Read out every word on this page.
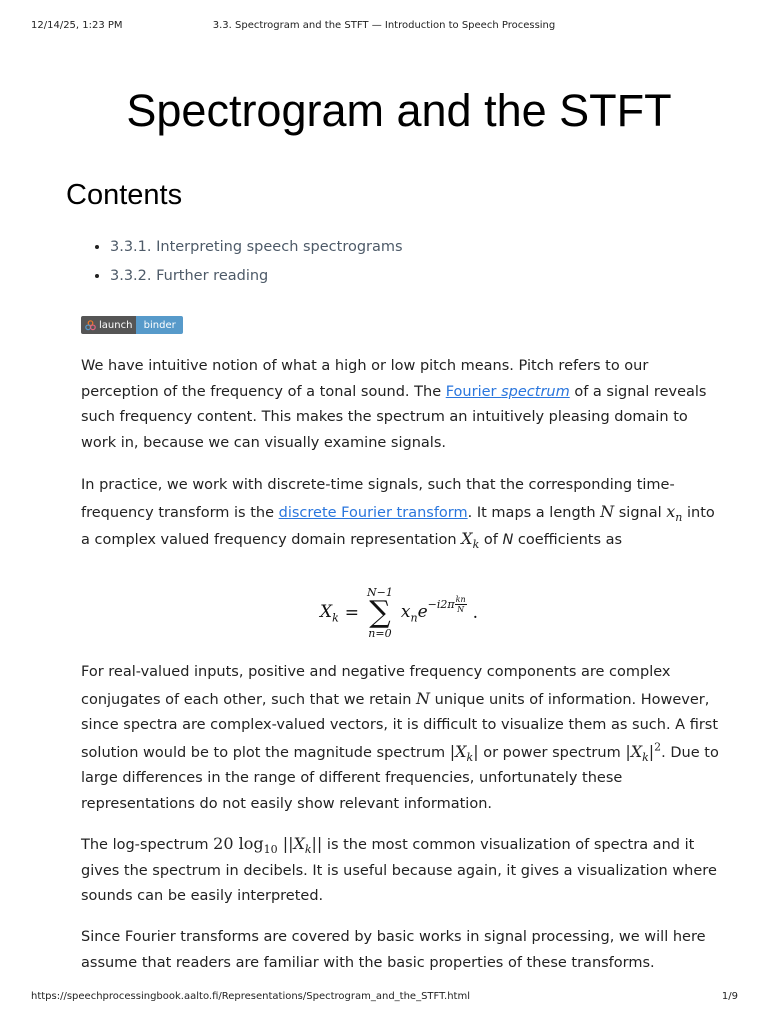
12/14/25, 1:23 PM	3.3. Spectrogram and the STFT — Introduction to Speech Processing
Spectrogram and the STFT
Contents
• 3.3.1. Interpreting speech spectrograms
• 3.3.2. Further reading
launch binder

We have intuitive notion of what a high or low pitch means. Pitch refers to our perception of the frequency of a tonal sound. The Fourier spectrum of a signal reveals such frequency content. This makes the spectrum an intuitively pleasing domain to work in, because we can visually examine signals.

In practice, we work with discrete-time signals, such that the corresponding time-frequency transform is the discrete Fourier transform. It maps a length N signal $x_n$ into a complex valued frequency domain representation $X_k$ of N coefficients as

$X_k$ =
N−1
∑
n=0
$x_ne^{-i2\pi \frac{kn}{N}}$ .

For real-valued inputs, positive and negative frequency components are complex conjugates of each other, such that we retain N unique units of information. However, since spectra are complex-valued vectors, it is difficult to visualize them as such. A first solution would be to plot the magnitude spectrum $|X_k|$ or power spectrum $|X_k|^2$. Due to large differences in the range of different frequencies, unfortunately these representations do not easily show relevant information.

The log-spectrum 20 $\log_{10} ||X_k||$ is the most common visualization of spectra and it gives the spectrum in decibels. It is useful because again, it gives a visualization where sounds can be easily interpreted.

Since Fourier transforms are covered by basic works in signal processing, we will here assume that readers are familiar with the basic properties of these transforms.

https://speechprocessingbook.aalto.fi/Representations/Spectrogram_and_the_STFT.html	1/9
